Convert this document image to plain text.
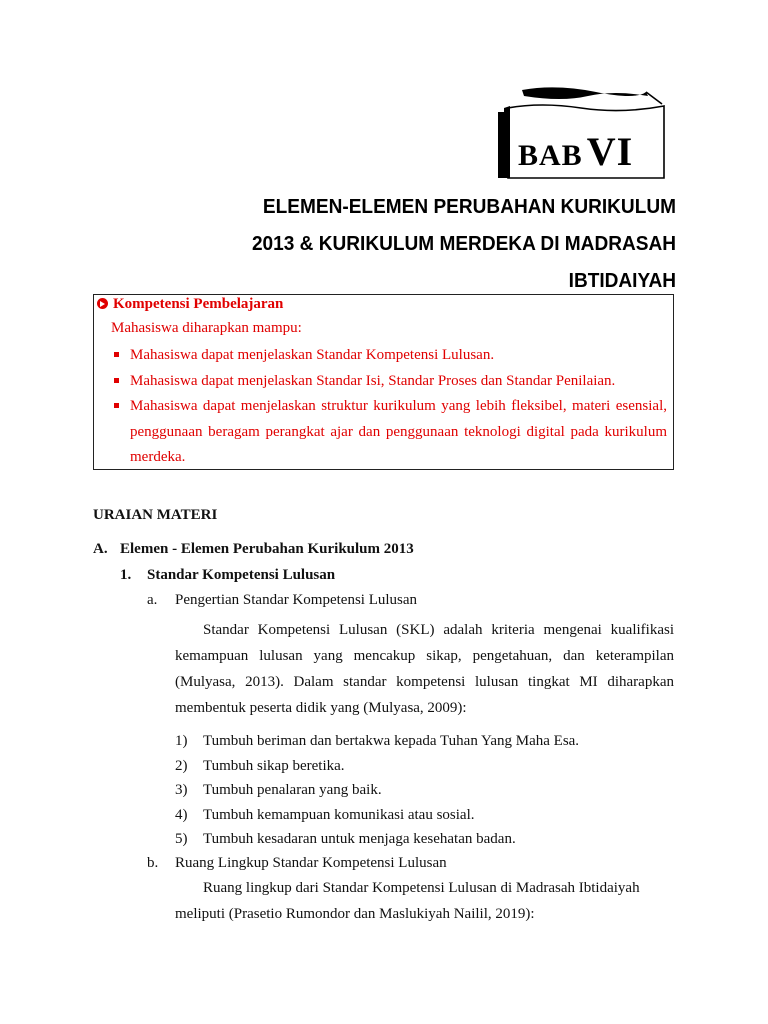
BAB VI
ELEMEN-ELEMEN PERUBAHAN KURIKULUM
2013 & KURIKULUM MERDEKA DI MADRASAH
IBTIDAIYAH
Kompetensi Pembelajaran
Mahasiswa diharapkan mampu:
Mahasiswa dapat menjelaskan Standar Kompetensi Lulusan.
Mahasiswa dapat menjelaskan Standar Isi, Standar Proses dan Standar Penilaian.
Mahasiswa dapat menjelaskan struktur kurikulum yang lebih fleksibel, materi esensial, penggunaan beragam perangkat ajar dan penggunaan teknologi digital pada kurikulum merdeka.
URAIAN MATERI
A. Elemen - Elemen Perubahan Kurikulum 2013
1. Standar Kompetensi Lulusan
a. Pengertian Standar Kompetensi Lulusan
Standar Kompetensi Lulusan (SKL) adalah kriteria mengenai kualifikasi
kemampuan lulusan yang mencakup sikap, pengetahuan, dan keterampilan
(Mulyasa, 2013). Dalam standar kompetensi lulusan tingkat MI diharapkan
membentuk peserta didik yang (Mulyasa, 2009):
1) Tumbuh beriman dan bertakwa kepada Tuhan Yang Maha Esa.
2) Tumbuh sikap beretika.
3) Tumbuh penalaran yang baik.
4) Tumbuh kemampuan komunikasi atau sosial.
5) Tumbuh kesadaran untuk menjaga kesehatan badan.
b. Ruang Lingkup Standar Kompetensi Lulusan
Ruang lingkup dari Standar Kompetensi Lulusan di Madrasah Ibtidaiyah
meliputi (Prasetio Rumondor dan Maslukiyah Nailil, 2019):
